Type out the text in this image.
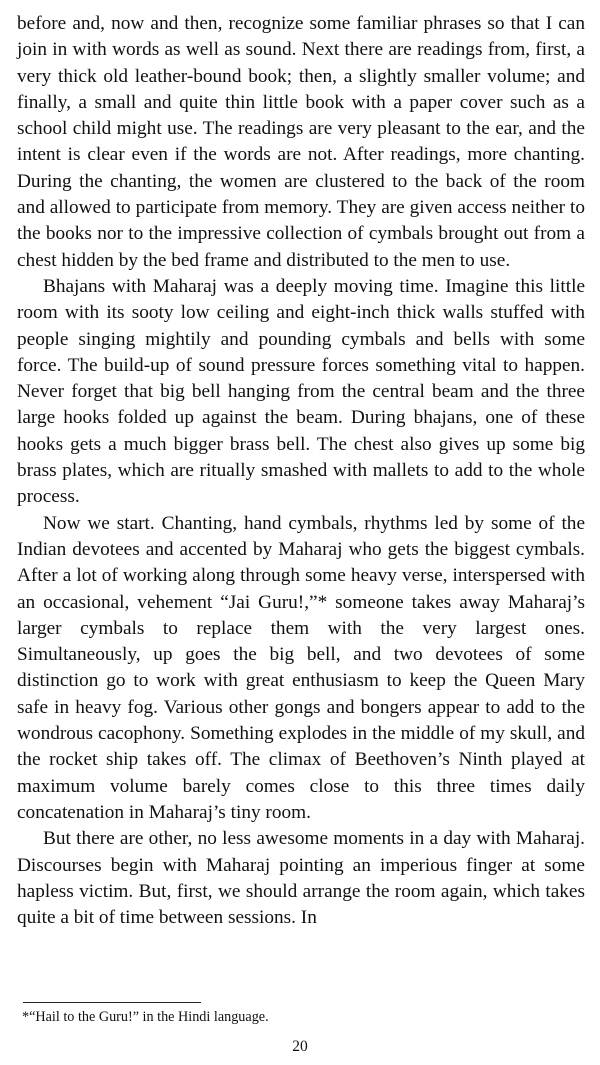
before and, now and then, recognize some familiar phrases so that I can join in with words as well as sound. Next there are readings from, first, a very thick old leather-bound book; then, a slightly smaller volume; and finally, a small and quite thin little book with a paper cover such as a school child might use. The readings are very pleasant to the ear, and the intent is clear even if the words are not. After readings, more chanting. During the chanting, the women are clustered to the back of the room and allowed to participate from memory. They are given access neither to the books nor to the impressive collection of cymbals brought out from a chest hidden by the bed frame and distributed to the men to use.

Bhajans with Maharaj was a deeply moving time. Imagine this little room with its sooty low ceiling and eight-inch thick walls stuffed with people singing mightily and pounding cymbals and bells with some force. The build-up of sound pressure forces something vital to happen. Never forget that big bell hanging from the central beam and the three large hooks folded up against the beam. During bhajans, one of these hooks gets a much bigger brass bell. The chest also gives up some big brass plates, which are ritually smashed with mallets to add to the whole process.

Now we start. Chanting, hand cymbals, rhythms led by some of the Indian devotees and accented by Maharaj who gets the biggest cymbals. After a lot of working along through some heavy verse, interspersed with an occasional, vehement “Jai Guru!,”* someone takes away Maharaj’s larger cymbals to replace them with the very largest ones. Simultaneously, up goes the big bell, and two devotees of some distinction go to work with great enthusiasm to keep the Queen Mary safe in heavy fog. Various other gongs and bongers appear to add to the wondrous cacophony. Something explodes in the middle of my skull, and the rocket ship takes off. The climax of Beethoven’s Ninth played at maximum volume barely comes close to this three times daily concatenation in Maharaj’s tiny room.

But there are other, no less awesome moments in a day with Maharaj. Discourses begin with Maharaj pointing an imperious finger at some hapless victim. But, first, we should arrange the room again, which takes quite a bit of time between sessions. In

*“Hail to the Guru!” in the Hindi language.

20
